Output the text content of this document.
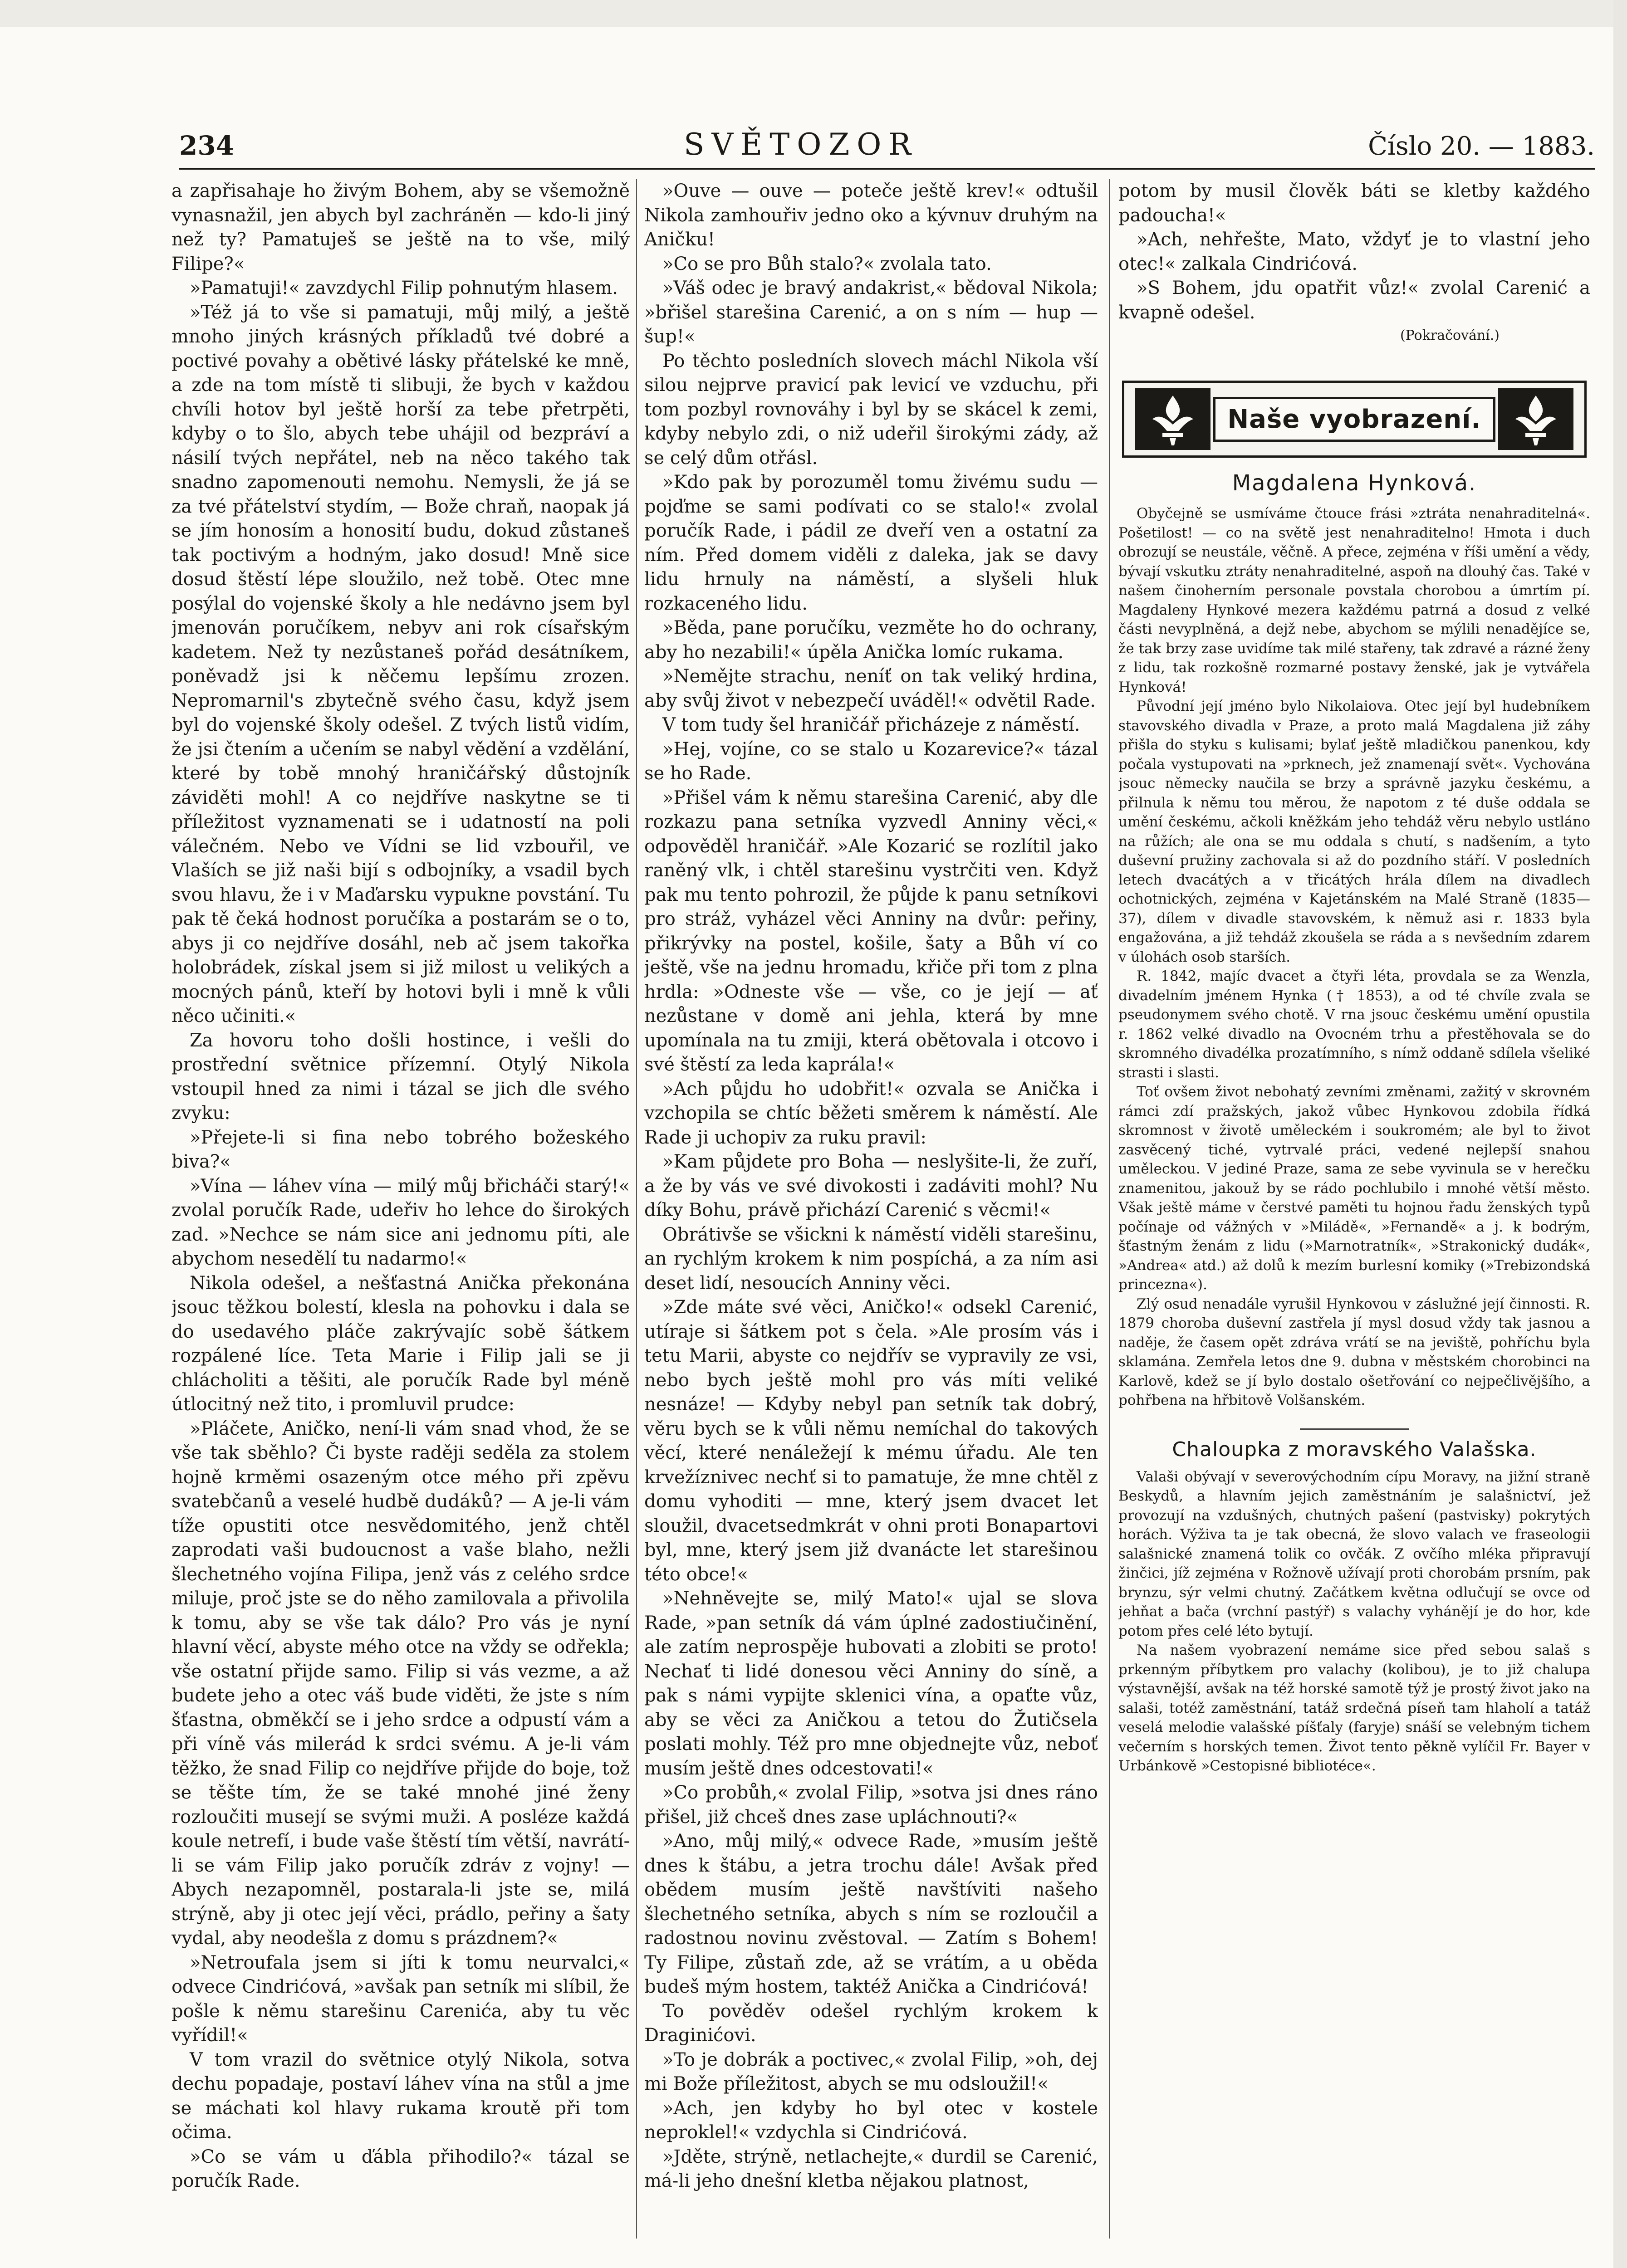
234	SVĚTOZOR	Číslo 20. — 1883.

a zapřisahaje ho živým Bohem, aby se všemožně vynasnažil, jen abych byl zachráněn — kdo-li jiný než ty? Pamatuješ se ještě na to vše, milý Filipe?«

»Pamatuji!« zavzdychl Filip pohnutým hlasem.

»Též já to vše si pamatuji, můj milý, a ještě mnoho jiných krásných příkladů tvé dobré a poctivé povahy a obětivé lásky přátelské ke mně, a zde na tom místě ti slibuji, že bych v každou chvíli hotov byl ještě horší za tebe přetrpěti, kdyby o to šlo, abych tebe uhájil od bezpráví a násilí tvých nepřátel, neb na něco takého tak snadno zapomenouti nemohu. Nemysli, že já se za tvé přátelství stydím, — Bože chraň, naopak já se jím honosím a honosití budu, dokud zůstaneš tak poctivým a hodným, jako dosud! Mně sice dosud štěstí lépe sloužilo, než tobě. Otec mne posýlal do vojenské školy a hle nedávno jsem byl jmenován poručíkem, nebyv ani rok císařským kadetem. Než ty nezůstaneš pořád desátníkem, poněvadž jsi k něčemu lepšímu zrozen. Nepromarnil's zbytečně svého času, když jsem byl do vojenské školy odešel. Z tvých listů vidím, že jsi čtením a učením se nabyl vědění a vzdělání, které by tobě mnohý hraničářský důstojník záviděti mohl! A co nejdříve naskytne se ti příležitost vyznamenati se i udatností na poli válečném. Nebo ve Vídni se lid vzbouřil, ve Vlaších se již naši bijí s odbojníky, a vsadil bych svou hlavu, že i v Maďarsku vypukne povstání. Tu pak tě čeká hodnost poručíka a postarám se o to, abys ji co nejdříve dosáhl, neb ač jsem takořka holobrádek, získal jsem si již milost u velikých a mocných pánů, kteří by hotovi byli i mně k vůli něco učiniti.«

Za hovoru toho došli hostince, i vešli do prostřední světnice přízemní. Otylý Nikola vstoupil hned za nimi i tázal se jich dle svého zvyku:

»Přejete-li si fina nebo tobrého božeského biva?«

»Vína — láhev vína — milý můj břicháči starý!« zvolal poručík Rade, udeřiv ho lehce do širokých zad. »Nechce se nám sice ani jednomu píti, ale abychom nesedělí tu nadarmo!«

Nikola odešel, a nešťastná Anička překonána jsouc těžkou bolestí, klesla na pohovku i dala se do usedavého pláče zakrývajíc sobě šátkem rozpálené líce. Teta Marie i Filip jali se ji chlácholiti a těšiti, ale poručík Rade byl méně útlocitný než tito, i promluvil prudce:

»Pláčete, Aničko, není-li vám snad vhod, že se vše tak sběhlo? Či byste raději seděla za stolem hojně krměmi osazeným otce mého při zpěvu svatebčanů a veselé hudbě dudáků? — A je-li vám tíže opustiti otce nesvědomitého, jenž chtěl zaprodati vaši budoucnost a vaše blaho, nežli šlechetného vojína Filipa, jenž vás z celého srdce miluje, proč jste se do něho zamilovala a přivolila k tomu, aby se vše tak dálo? Pro vás je nyní hlavní věcí, abyste mého otce na vždy se odřekla; vše ostatní přijde samo. Filip si vás vezme, a až budete jeho a otec váš bude viděti, že jste s ním šťastna, obměkčí se i jeho srdce a odpustí vám a při víně vás milerád k srdci svému. A je-li vám těžko, že snad Filip co nejdříve přijde do boje, tož se těšte tím, že se také mnohé jiné ženy rozloučiti musejí se svými muži. A posléze každá koule netrefí, i bude vaše štěstí tím větší, navrátí-li se vám Filip jako poručík zdráv z vojny! — Abych nezapomněl, postarala-li jste se, milá strýně, aby ji otec její věci, prádlo, peřiny a šaty vydal, aby neodešla z domu s prázdnem?«

»Netroufala jsem si jíti k tomu neurvalci,« odvece Cindrićová, »avšak pan setník mi slíbil, že pošle k němu starešinu Carenića, aby tu věc vyřídil!«

V tom vrazil do světnice otylý Nikola, sotva dechu popadaje, postaví láhev vína na stůl a jme se máchati kol hlavy rukama kroutě při tom očima.

»Co se vám u ďábla přihodilo?« tázal se poručík Rade.

»Ouve — ouve — poteče ještě krev!« odtušil Nikola zamhouřiv jedno oko a kývnuv druhým na Aničku!

»Co se pro Bůh stalo?« zvolala tato.

»Váš odec je bravý andakrist,« bědoval Nikola; »břišel starešina Carenić, a on s ním — hup — šup!«

Po těchto posledních slovech máchl Nikola vší silou nejprve pravicí pak levicí ve vzduchu, při tom pozbyl rovnováhy i byl by se skácel k zemi, kdyby nebylo zdi, o niž udeřil širokými zády, až se celý dům otřásl.

»Kdo pak by porozuměl tomu živému sudu — pojďme se sami podívati co se stalo!« zvolal poručík Rade, i pádil ze dveří ven a ostatní za ním. Před domem viděli z daleka, jak se davy lidu hrnuly na náměstí, a slyšeli hluk rozkaceného lidu.

»Běda, pane poručíku, vezměte ho do ochrany, aby ho nezabili!« úpěla Anička lomíc rukama.

»Nemějte strachu, neníť on tak veliký hrdina, aby svůj život v nebezpečí uváděl!« odvětil Rade.

V tom tudy šel hraničář přicházeje z náměstí.

»Hej, vojíne, co se stalo u Kozarevice?« tázal se ho Rade.

»Přišel vám k němu starešina Carenić, aby dle rozkazu pana setníka vyzvedl Anniny věci,« odpověděl hraničář. »Ale Kozarić se rozlítil jako raněný vlk, i chtěl starešinu vystrčiti ven. Když pak mu tento pohrozil, že půjde k panu setníkovi pro stráž, vyházel věci Anniny na dvůr: peřiny, přikrývky na postel, košile, šaty a Bůh ví co ještě, vše na jednu hromadu, křiče při tom z plna hrdla: »Odneste vše — vše, co je její — ať nezůstane v domě ani jehla, která by mne upomínala na tu zmiji, která obětovala i otcovo i své štěstí za leda kaprála!«

»Ach půjdu ho udobřit!« ozvala se Anička i vzchopila se chtíc běžeti směrem k náměstí. Ale Rade ji uchopiv za ruku pravil:

»Kam půjdete pro Boha — neslyšite-li, že zuří, a že by vás ve své divokosti i zadáviti mohl? Nu díky Bohu, právě přichází Carenić s věcmi!«

Obrátivše se všickni k náměstí viděli starešinu, an rychlým krokem k nim pospíchá, a za ním asi deset lidí, nesoucích Anniny věci.

»Zde máte své věci, Aničko!« odsekl Carenić, utíraje si šátkem pot s čela. »Ale prosím vás i tetu Marii, abyste co nejdřív se vypravily ze vsi, nebo bych ještě mohl pro vás míti veliké nesnáze! — Kdyby nebyl pan setník tak dobrý, věru bych se k vůli němu nemíchal do takových věcí, které nenáležejí k mému úřadu. Ale ten krvežíznivec nechť si to pamatuje, že mne chtěl z domu vyhoditi — mne, který jsem dvacet let sloužil, dvacetsedmkrát v ohni proti Bonapartovi byl, mne, který jsem již dvanácte let starešinou této obce!«

»Nehněvejte se, milý Mato!« ujal se slova Rade, »pan setník dá vám úplné zadostiučinění, ale zatím neprospěje hubovati a zlobiti se proto! Nechať ti lidé donesou věci Anniny do síně, a pak s námi vypijte sklenici vína, a opaťte vůz, aby se věci za Aničkou a tetou do Žutičsela poslati mohly. Též pro mne objednejte vůz, neboť musím ještě dnes odcestovati!«

»Co probůh,« zvolal Filip, »sotva jsi dnes ráno přišel, již chceš dnes zase upláchnouti?«

»Ano, můj milý,« odvece Rade, »musím ještě dnes k štábu, a jetra trochu dále! Avšak před obědem musím ještě navštíviti našeho šlechetného setníka, abych s ním se rozloučil a radostnou novinu zvěstoval. — Zatím s Bohem! Ty Filipe, zůstaň zde, až se vrátím, a u oběda budeš mým hostem, taktéž Anička a Cindrićová!

To pověděv odešel rychlým krokem k Draginićovi.

»To je dobrák a poctivec,« zvolal Filip, »oh, dej mi Bože příležitost, abych se mu odsloužil!«

»Ach, jen kdyby ho byl otec v kostele neproklel!« vzdychla si Cindrićová.

»Jděte, strýně, netlachejte,« durdil se Carenić, má-li jeho dnešní kletba nějakou platnost,

potom by musil člověk báti se kletby každého padoucha!«

»Ach, nehřešte, Mato, vždyť je to vlastní jeho otec!« zalkala Cindrićová.

»S Bohem, jdu opatřit vůz!« zvolal Carenić a kvapně odešel.

(Pokračování.)
Naše vyobrazení.
Magdalena Hynková.

Obyčejně se usmíváme čtouce frási »ztráta nenahraditelná«. Pošetilost! — co na světě jest nenahraditelno! Hmota i duch obrozují se neustále, věčně. A přece, zejména v říši umění a vědy, bývají vskutku ztráty nenahraditelné, aspoň na dlouhý čas. Také v našem činoherním personale povstala chorobou a úmrtím pí. Magdaleny Hynkové mezera každému patrná a dosud z velké části nevyplněná, a dejž nebe, abychom se mýlili nenadějíce se, že tak brzy zase uvidíme tak milé stařeny, tak zdravé a rázné ženy z lidu, tak rozkošně rozmarné postavy ženské, jak je vytvářela Hynková!

Původní její jméno bylo Nikolaiova. Otec její byl hudebníkem stavovského divadla v Praze, a proto malá Magdalena již záhy přišla do styku s kulisami; bylať ještě mladičkou panenkou, kdy počala vystupovati na »prknech, jež znamenají svět«. Vychována jsouc německy naučila se brzy a správně jazyku českému, a přilnula k němu tou měrou, že napotom z té duše oddala se umění českému, ačkoli kněžkám jeho tehdáž věru nebylo ustláno na růžích; ale ona se mu oddala s chutí, s nadšením, a tyto duševní pružiny zachovala si až do pozdního stáří. V posledních letech dvacátých a v třicátých hrála dílem na divadlech ochotnických, zejména v Kajetánském na Malé Straně (1835—37), dílem v divadle stavovském, k němuž asi r. 1833 byla engažována, a již tehdáž zkoušela se ráda a s nevšedním zdarem v úlohách osob starších.

R. 1842, majíc dvacet a čtyři léta, provdala se za Wenzla, divadelním jménem Hynka († 1853), a od té chvíle zvala se pseudonymem svého chotě. V rna jsouc českému umění opustila r. 1862 velké divadlo na Ovocném trhu a přestěhovala se do skromného divadélka prozatímního, s nímž oddaně sdílela všeliké strasti i slasti.

Toť ovšem život nebohatý zevními změnami, zažitý v skrovném rámci zdí pražských, jakož vůbec Hynkovou zdobila řídká skromnost v životě uměleckém i soukromém; ale byl to život zasvěcený tiché, vytrvalé práci, vedené nejlepší snahou uměleckou. V jediné Praze, sama ze sebe vyvinula se v herečku znamenitou, jakouž by se rádo pochlubilo i mnohé větší město. Však ještě máme v čerstvé paměti tu hojnou řadu ženských typů počínaje od vážných v »Miládě«, »Fernandě« a j. k bodrým, šťastným ženám z lidu (»Marnotratník«, »Strakonický dudák«, »Andrea« atd.) až dolů k mezím burlesní komiky (»Trebizondská princezna«).

Zlý osud nenadále vyrušil Hynkovou v záslužné její činnosti. R. 1879 choroba duševní zastřela jí mysl dosud vždy tak jasnou a naděje, že časem opět zdráva vrátí se na jeviště, pohříchu byla sklamána. Zemřela letos dne 9. dubna v městském chorobinci na Karlově, kdež se jí bylo dostalo ošetřování co nejpečlivějšího, a pohřbena na hřbitově Volšanském.

Chaloupka z moravského Valašska.

Valaši obývají v severovýchodním cípu Moravy, na jižní straně Beskydů, a hlavním jejich zaměstnáním je salašnictví, jež provozují na vzdušných, chutných pašení (pastvisky) pokrytých horách. Výživa ta je tak obecná, že slovo valach ve fraseologii salašnické znamená tolik co ovčák. Z ovčího mléka připravují žinčici, jíž zejména v Rožnově užívají proti chorobám prsním, pak brynzu, sýr velmi chutný. Začátkem května odlučují se ovce od jehňat a bača (vrchní pastýř) s valachy vyhánějí je do hor, kde potom přes celé léto bytují.

Na našem vyobrazení nemáme sice před sebou salaš s prkenným příbytkem pro valachy (kolibou), je to již chalupa výstavnější, avšak na též horské samotě týž je prostý život jako na salaši, totéž zaměstnání, tatáž srdečná píseň tam hlaholí a tatáž veselá melodie valašské píšťaly (faryje) snáší se velebným tichem večerním s horských temen. Život tento pěkně vylíčil Fr. Bayer v Urbánkově »Cestopisné bibliotéce«.
